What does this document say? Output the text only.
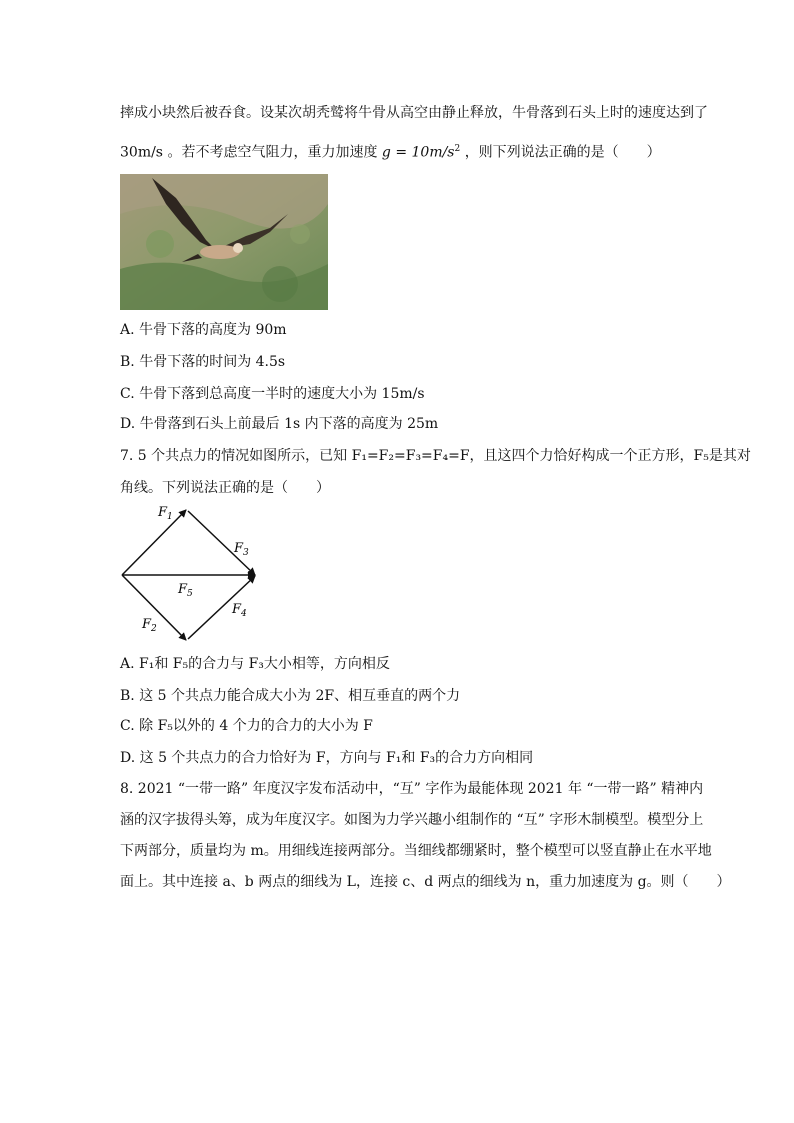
摔成小块然后被吞食。设某次胡秃鹫将牛骨从高空由静止释放，牛骨落到石头上时的速度达到了
30m/s 。若不考虑空气阻力，重力加速度 $g = 10m/s^2$ ，则下列说法正确的是（　　）
A. 牛骨下落的高度为 90m
B. 牛骨下落的时间为 4.5s
C. 牛骨下落到总高度一半时的速度大小为 15m/s
D. 牛骨落到石头上前最后 1s 内下落的高度为 25m
7. 5 个共点力的情况如图所示，已知 F₁=F₂=F₃=F₄=F，且这四个力恰好构成一个正方形，F₅是其对
角线。下列说法正确的是（　　）
$F_1$
$F_3$
$F_5$
$F_4$
$F_2$
A. F₁和 F₅的合力与 F₃大小相等，方向相反
B. 这 5 个共点力能合成大小为 2F、相互垂直的两个力
C. 除 F₅以外的 4 个力的合力的大小为 F
D. 这 5 个共点力的合力恰好为 F，方向与 F₁和 F₃的合力方向相同
8. 2021 “一带一路” 年度汉字发布活动中，“互” 字作为最能体现 2021 年 “一带一路” 精神内
涵的汉字拔得头筹，成为年度汉字。如图为力学兴趣小组制作的 “互” 字形木制模型。模型分上
下两部分，质量均为 m。用细线连接两部分。当细线都绷紧时，整个模型可以竖直静止在水平地
面上。其中连接 a、b 两点的细线为 L，连接 c、d 两点的细线为 n，重力加速度为 g。则（　　）
